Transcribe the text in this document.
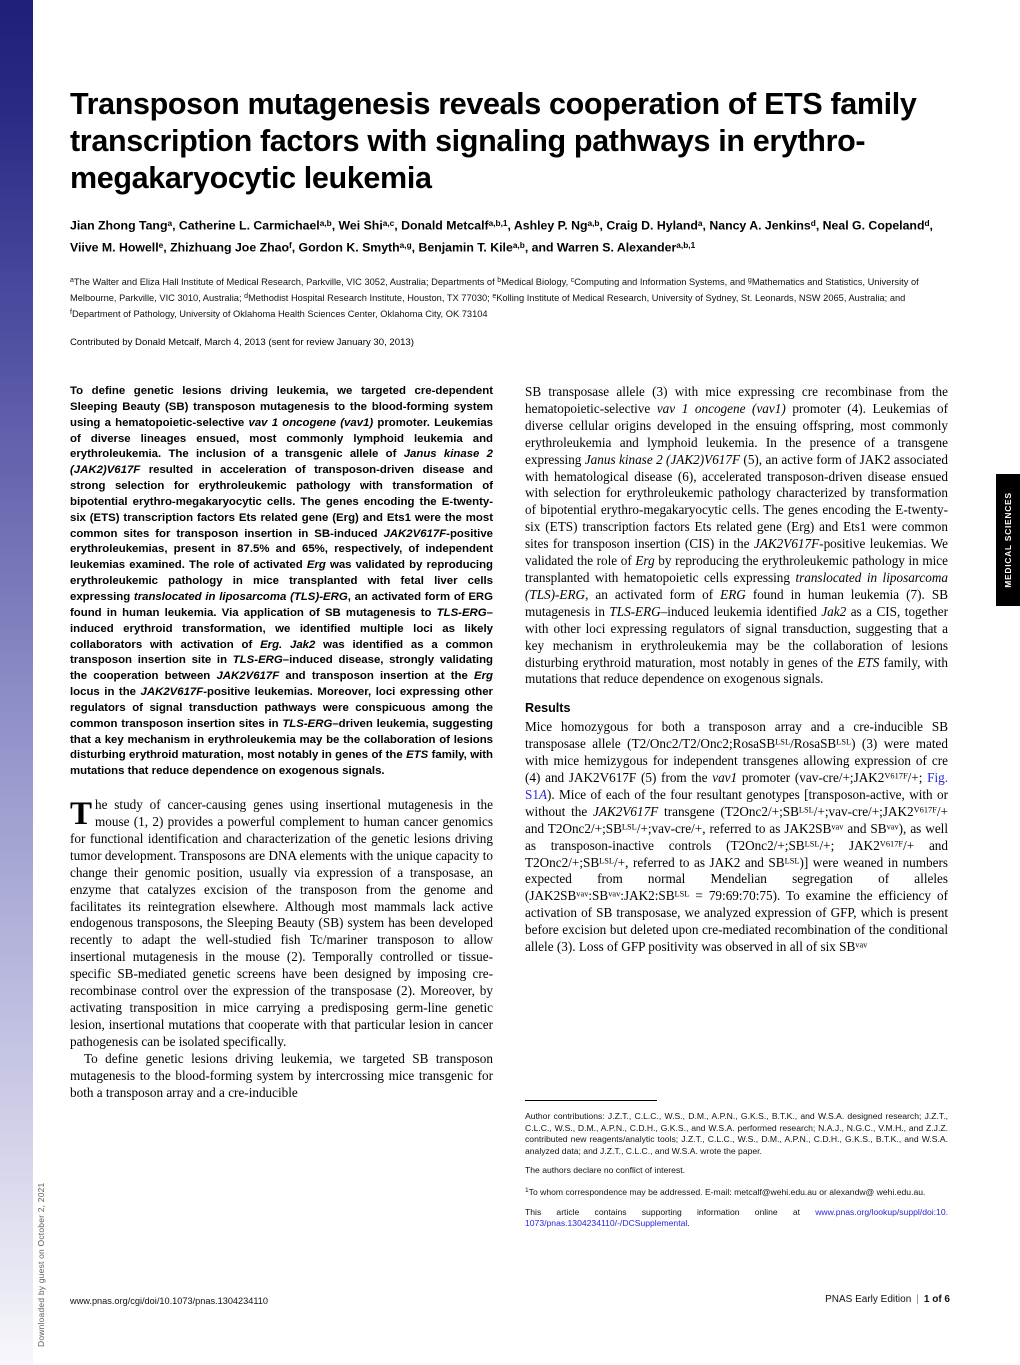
Downloaded by guest on October 2, 2021
MEDICAL SCIENCES
Transposon mutagenesis reveals cooperation of ETS family transcription factors with signaling pathways in erythro-megakaryocytic leukemia
Jian Zhong Tang$^a$, Catherine L. Carmichael$^{a,b}$, Wei Shi$^{a,c}$, Donald Metcalf$^{a,b,1}$, Ashley P. Ng$^{a,b}$, Craig D. Hyland$^a$, Nancy A. Jenkins$^d$, Neal G. Copeland$^d$, Viive M. Howell$^e$, Zhizhuang Joe Zhao$^f$, Gordon K. Smyth$^{a,g}$, Benjamin T. Kile$^{a,b}$, and Warren S. Alexander$^{a,b,1}$
$^a$The Walter and Eliza Hall Institute of Medical Research, Parkville, VIC 3052, Australia; Departments of $^b$Medical Biology, $^c$Computing and Information Systems, and $^g$Mathematics and Statistics, University of Melbourne, Parkville, VIC 3010, Australia; $^d$Methodist Hospital Research Institute, Houston, TX 77030; $^e$Kolling Institute of Medical Research, University of Sydney, St. Leonards, NSW 2065, Australia; and $^f$Department of Pathology, University of Oklahoma Health Sciences Center, Oklahoma City, OK 73104
Contributed by Donald Metcalf, March 4, 2013 (sent for review January 30, 2013)

To define genetic lesions driving leukemia, we targeted cre-dependent Sleeping Beauty (SB) transposon mutagenesis to the blood-forming system using a hematopoietic-selective vav 1 oncogene (vav1) promoter. Leukemias of diverse lineages ensued, most commonly lymphoid leukemia and erythroleukemia. The inclusion of a transgenic allele of Janus kinase 2 (JAK2)V617F resulted in acceleration of transposon-driven disease and strong selection for erythroleukemic pathology with transformation of bipotential erythro-megakaryocytic cells. The genes encoding the E-twenty-six (ETS) transcription factors Ets related gene (Erg) and Ets1 were the most common sites for transposon insertion in SB-induced JAK2V617F-positive erythroleukemias, present in 87.5% and 65%, respectively, of independent leukemias examined. The role of activated Erg was validated by reproducing erythroleukemic pathology in mice transplanted with fetal liver cells expressing translocated in liposarcoma (TLS)-ERG, an activated form of ERG found in human leukemia. Via application of SB mutagenesis to TLS-ERG–induced erythroid transformation, we identified multiple loci as likely collaborators with activation of Erg. Jak2 was identified as a common transposon insertion site in TLS-ERG–induced disease, strongly validating the cooperation between JAK2V617F and transposon insertion at the Erg locus in the JAK2V617F-positive leukemias. Moreover, loci expressing other regulators of signal transduction pathways were conspicuous among the common transposon insertion sites in TLS-ERG–driven leukemia, suggesting that a key mechanism in erythroleukemia may be the collaboration of lesions disturbing erythroid maturation, most notably in genes of the ETS family, with mutations that reduce dependence on exogenous signals.

The study of cancer-causing genes using insertional mutagenesis in the mouse (1, 2) provides a powerful complement to human cancer genomics for functional identification and characterization of the genetic lesions driving tumor development. Transposons are DNA elements with the unique capacity to change their genomic position, usually via expression of a transposase, an enzyme that catalyzes excision of the transposon from the genome and facilitates its reintegration elsewhere. Although most mammals lack active endogenous transposons, the Sleeping Beauty (SB) system has been developed recently to adapt the well-studied fish Tc/mariner transposon to allow insertional mutagenesis in the mouse (2). Temporally controlled or tissue-specific SB-mediated genetic screens have been designed by imposing cre-recombinase control over the expression of the transposase (2). Moreover, by activating transposition in mice carrying a predisposing germ-line genetic lesion, insertional mutations that cooperate with that particular lesion in cancer pathogenesis can be isolated specifically.

To define genetic lesions driving leukemia, we targeted SB transposon mutagenesis to the blood-forming system by intercrossing mice transgenic for both a transposon array and a cre-inducible

SB transposase allele (3) with mice expressing cre recombinase from the hematopoietic-selective vav 1 oncogene (vav1) promoter (4). Leukemias of diverse cellular origins developed in the ensuing offspring, most commonly erythroleukemia and lymphoid leukemia. In the presence of a transgene expressing Janus kinase 2 (JAK2)V617F (5), an active form of JAK2 associated with hematological disease (6), accelerated transposon-driven disease ensued with selection for erythroleukemic pathology characterized by transformation of bipotential erythro-megakaryocytic cells. The genes encoding the E-twenty-six (ETS) transcription factors Ets related gene (Erg) and Ets1 were common sites for transposon insertion (CIS) in the JAK2V617F-positive leukemias. We validated the role of Erg by reproducing the erythroleukemic pathology in mice transplanted with hematopoietic cells expressing translocated in liposarcoma (TLS)-ERG, an activated form of ERG found in human leukemia (7). SB mutagenesis in TLS-ERG–induced leukemia identified Jak2 as a CIS, together with other loci expressing regulators of signal transduction, suggesting that a key mechanism in erythroleukemia may be the collaboration of lesions disturbing erythroid maturation, most notably in genes of the ETS family, with mutations that reduce dependence on exogenous signals.

Results

Mice homozygous for both a transposon array and a cre-inducible SB transposase allele (T2/Onc2/T2/Onc2;RosaSB$^{LSL}$/RosaSB$^{LSL}$) (3) were mated with mice hemizygous for independent transgenes allowing expression of cre (4) and JAK2V617F (5) from the vav1 promoter ($vav-cre/+;JAK2^{V617F}/+$; Fig. S1A). Mice of each of the four resultant genotypes [transposon-active, with or without the JAK2V617F transgene ($T2Onc2/+;SB^{LSL}/+;vav-cre/+;JAK2^{V617F}/+$ and $T2Onc2/+;SB^{LSL}/+;vav-cre/+$, referred to as $JAK2SB^{vav}$ and $SB^{vav}$), as well as transposon-inactive controls ($T2Onc2/+;SB^{LSL}/+$; $JAK2^{V617F}/+$ and $T2Onc2/+;SB^{LSL}/+$, referred to as JAK2 and $SB^{LSL}$)] were weaned in numbers expected from normal Mendelian segregation of alleles ($JAK2SB^{vav}:SB^{vav}:JAK2:SB^{LSL}$ = 79:69:70:75). To examine the efficiency of activation of SB transposase, we analyzed expression of GFP, which is present before excision but deleted upon cre-mediated recombination of the conditional allele (3). Loss of GFP positivity was observed in all of six $SB^{vav}$

Author contributions: J.Z.T., C.L.C., W.S., D.M., A.P.N., G.K.S., B.T.K., and W.S.A. designed research; J.Z.T., C.L.C., W.S., D.M., A.P.N., C.D.H., G.K.S., and W.S.A. performed research; N.A.J., N.G.C., V.M.H., and Z.J.Z. contributed new reagents/analytic tools; J.Z.T., C.L.C., W.S., D.M., A.P.N., C.D.H., G.K.S., B.T.K., and W.S.A. analyzed data; and J.Z.T., C.L.C., and W.S.A. wrote the paper.

The authors declare no conflict of interest.

$^1$To whom correspondence may be addressed. E-mail: metcalf@wehi.edu.au or alexandw@ wehi.edu.au.

This article contains supporting information online at www.pnas.org/lookup/suppl/doi:10. 1073/pnas.1304234110/-/DCSupplemental.

www.pnas.org/cgi/doi/10.1073/pnas.1304234110	PNAS Early Edition | 1 of 6
